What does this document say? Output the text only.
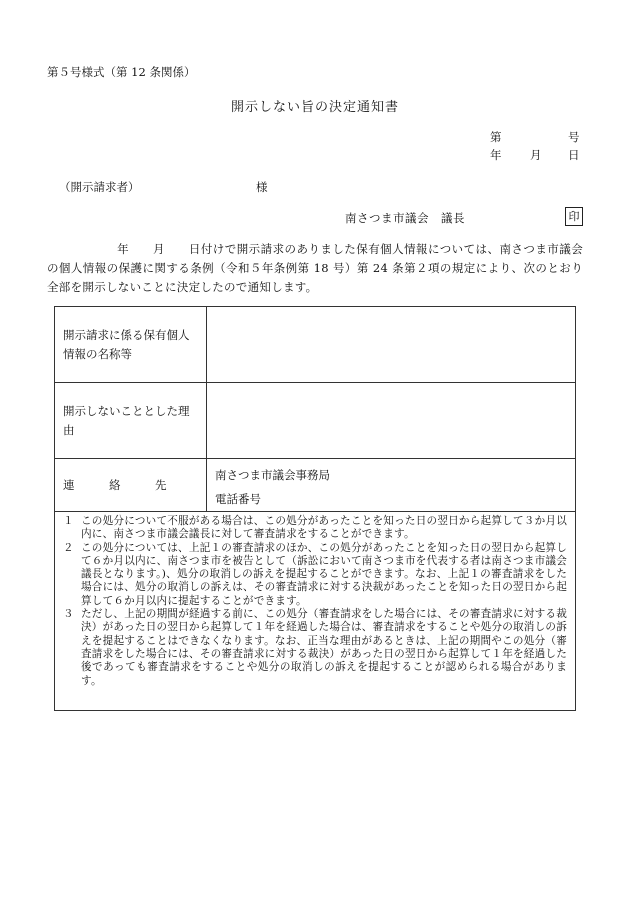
第５号様式（第 12 条関係）
開示しない旨の決定通知書
第	号
年 月 日
（開示請求者）	様
南さつま市議会　議長	印
年　　月　　日付けで開示請求のありました保有個人情報については、南さつま市議会の個人情報の保護に関する条例（令和５年条例第 18 号）第 24 条第２項の規定により、次のとおり全部を開示しないことに決定したので通知します。
開示請求に係る保有個人情報の名称等	
開示しないこととした理由	
連　　　絡　　　先	南さつま市議会事務局
電話番号
１ この処分について不服がある場合は、この処分があったことを知った日の翌日から起算して３か月以内に、南さつま市議会議長に対して審査請求をすることができます。
２ この処分については、上記１の審査請求のほか、この処分があったことを知った日の翌日から起算して６か月以内に、南さつま市を被告として（訴訟において南さつま市を代表する者は南さつま市議会議長となります。)、処分の取消しの訴えを提起することができます。なお、上記１の審査請求をした場合には、処分の取消しの訴えは、その審査請求に対する決裁があったことを知った日の翌日から起算して６か月以内に提起することができます。
３ ただし、上記の期間が経過する前に、この処分（審査請求をした場合には、その審査請求に対する裁決）があった日の翌日から起算して１年を経過した場合は、審査請求をすることや処分の取消しの訴えを提起することはできなくなります。なお、正当な理由があるときは、上記の期間やこの処分（審査請求をした場合には、その審査請求に対する裁決）があった日の翌日から起算して１年を経過した後であっても審査請求をすることや処分の取消しの訴えを提起することが認められる場合があります。
